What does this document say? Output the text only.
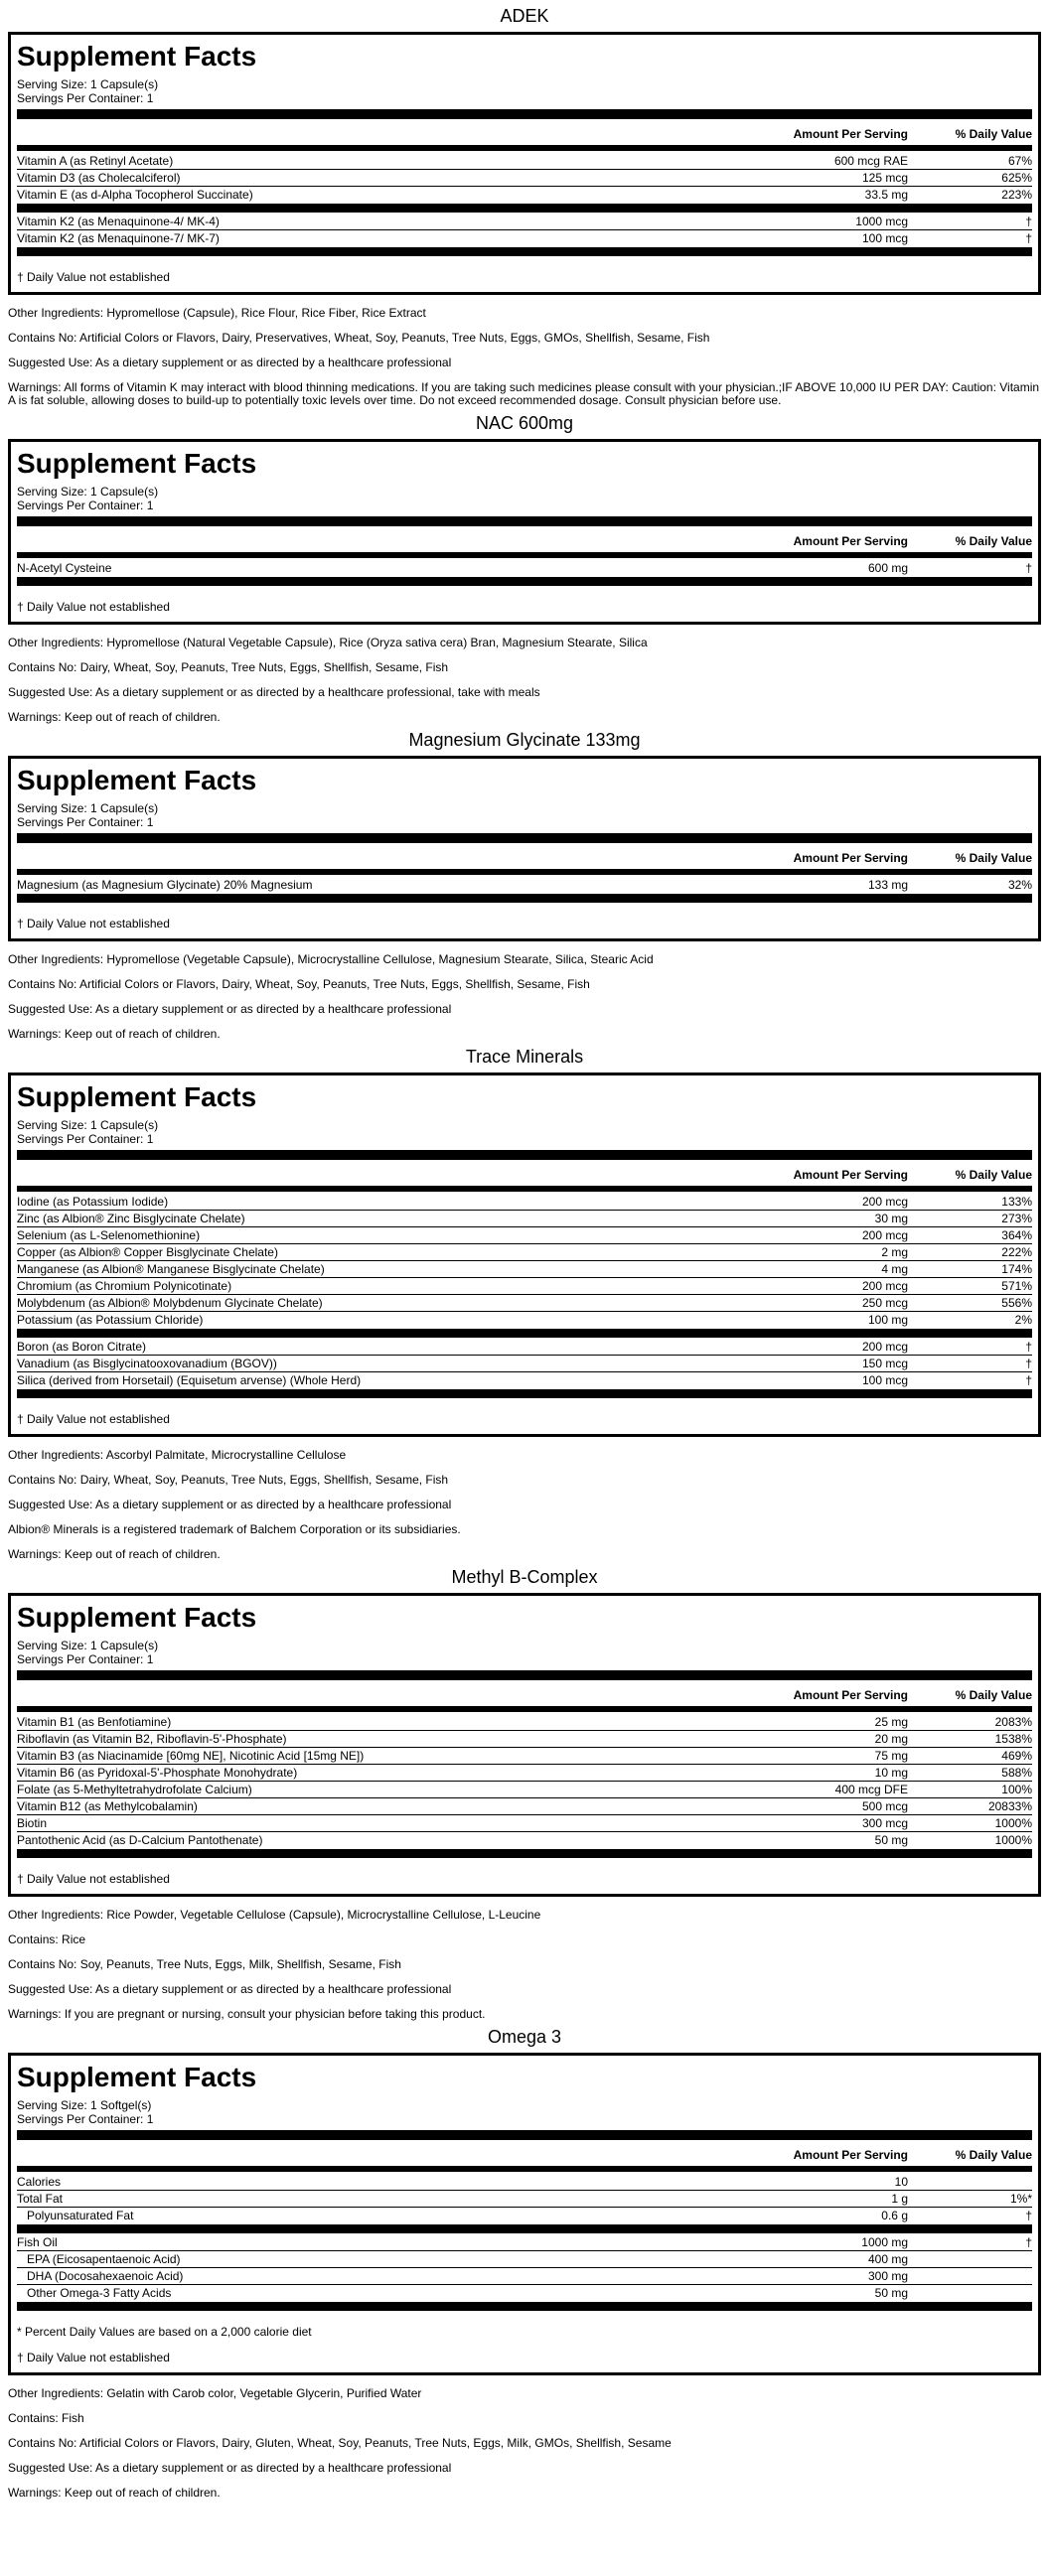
ADEK
Supplement Facts
Serving Size: 1 Capsule(s)
Servings Per Container: 1
Amount Per Serving	% Daily Value
Vitamin A (as Retinyl Acetate)	600 mcg RAE	67%
Vitamin D3 (as Cholecalciferol)	125 mcg	625%
Vitamin E (as d-Alpha Tocopherol Succinate)	33.5 mg	223%
Vitamin K2 (as Menaquinone-4/ MK-4)	1000 mcg	†
Vitamin K2 (as Menaquinone-7/ MK-7)	100 mcg	†
† Daily Value not established
Other Ingredients: Hypromellose (Capsule), Rice Flour, Rice Fiber, Rice Extract
Contains No: Artificial Colors or Flavors, Dairy, Preservatives, Wheat, Soy, Peanuts, Tree Nuts, Eggs, GMOs, Shellfish, Sesame, Fish
Suggested Use: As a dietary supplement or as directed by a healthcare professional
Warnings: All forms of Vitamin K may interact with blood thinning medications. If you are taking such medicines please consult with your physician.;IF ABOVE 10,000 IU PER DAY: Caution: Vitamin A is fat soluble, allowing doses to build-up to potentially toxic levels over time. Do not exceed recommended dosage. Consult physician before use.
NAC 600mg
Supplement Facts
Serving Size: 1 Capsule(s)
Servings Per Container: 1
Amount Per Serving	% Daily Value
N-Acetyl Cysteine	600 mg	†
† Daily Value not established
Other Ingredients: Hypromellose (Natural Vegetable Capsule), Rice (Oryza sativa cera) Bran, Magnesium Stearate, Silica
Contains No: Dairy, Wheat, Soy, Peanuts, Tree Nuts, Eggs, Shellfish, Sesame, Fish
Suggested Use: As a dietary supplement or as directed by a healthcare professional, take with meals
Warnings: Keep out of reach of children.
Magnesium Glycinate 133mg
Supplement Facts
Serving Size: 1 Capsule(s)
Servings Per Container: 1
Amount Per Serving	% Daily Value
Magnesium (as Magnesium Glycinate) 20% Magnesium	133 mg	32%
† Daily Value not established
Other Ingredients: Hypromellose (Vegetable Capsule), Microcrystalline Cellulose, Magnesium Stearate, Silica, Stearic Acid
Contains No: Artificial Colors or Flavors, Dairy, Wheat, Soy, Peanuts, Tree Nuts, Eggs, Shellfish, Sesame, Fish
Suggested Use: As a dietary supplement or as directed by a healthcare professional
Warnings: Keep out of reach of children.
Trace Minerals
Supplement Facts
Serving Size: 1 Capsule(s)
Servings Per Container: 1
Amount Per Serving	% Daily Value
Iodine (as Potassium Iodide)	200 mcg	133%
Zinc (as Albion® Zinc Bisglycinate Chelate)	30 mg	273%
Selenium (as L-Selenomethionine)	200 mcg	364%
Copper (as Albion® Copper Bisglycinate Chelate)	2 mg	222%
Manganese (as Albion® Manganese Bisglycinate Chelate)	4 mg	174%
Chromium (as Chromium Polynicotinate)	200 mcg	571%
Molybdenum (as Albion® Molybdenum Glycinate Chelate)	250 mcg	556%
Potassium (as Potassium Chloride)	100 mg	2%
Boron (as Boron Citrate)	200 mcg	†
Vanadium (as Bisglycinatooxovanadium (BGOV))	150 mcg	†
Silica (derived from Horsetail) (Equisetum arvense) (Whole Herd)	100 mcg	†
† Daily Value not established
Other Ingredients: Ascorbyl Palmitate, Microcrystalline Cellulose
Contains No: Dairy, Wheat, Soy, Peanuts, Tree Nuts, Eggs, Shellfish, Sesame, Fish
Suggested Use: As a dietary supplement or as directed by a healthcare professional
Albion® Minerals is a registered trademark of Balchem Corporation or its subsidiaries.
Warnings: Keep out of reach of children.
Methyl B-Complex
Supplement Facts
Serving Size: 1 Capsule(s)
Servings Per Container: 1
Amount Per Serving	% Daily Value
Vitamin B1 (as Benfotiamine)	25 mg	2083%
Riboflavin (as Vitamin B2, Riboflavin-5'-Phosphate)	20 mg	1538%
Vitamin B3 (as Niacinamide [60mg NE], Nicotinic Acid [15mg NE])	75 mg	469%
Vitamin B6 (as Pyridoxal-5'-Phosphate Monohydrate)	10 mg	588%
Folate (as 5-Methyltetrahydrofolate Calcium)	400 mcg DFE	100%
Vitamin B12 (as Methylcobalamin)	500 mcg	20833%
Biotin	300 mcg	1000%
Pantothenic Acid (as D-Calcium Pantothenate)	50 mg	1000%
† Daily Value not established
Other Ingredients: Rice Powder, Vegetable Cellulose (Capsule), Microcrystalline Cellulose, L-Leucine
Contains: Rice
Contains No: Soy, Peanuts, Tree Nuts, Eggs, Milk, Shellfish, Sesame, Fish
Suggested Use: As a dietary supplement or as directed by a healthcare professional
Warnings: If you are pregnant or nursing, consult your physician before taking this product.
Omega 3
Supplement Facts
Serving Size: 1 Softgel(s)
Servings Per Container: 1
Amount Per Serving	% Daily Value
Calories	10
Total Fat	1 g	1%*
Polyunsaturated Fat	0.6 g	†
Fish Oil	1000 mg	†
EPA (Eicosapentaenoic Acid)	400 mg
DHA (Docosahexaenoic Acid)	300 mg
Other Omega-3 Fatty Acids	50 mg
* Percent Daily Values are based on a 2,000 calorie diet
† Daily Value not established
Other Ingredients: Gelatin with Carob color, Vegetable Glycerin, Purified Water
Contains: Fish
Contains No: Artificial Colors or Flavors, Dairy, Gluten, Wheat, Soy, Peanuts, Tree Nuts, Eggs, Milk, GMOs, Shellfish, Sesame
Suggested Use: As a dietary supplement or as directed by a healthcare professional
Warnings: Keep out of reach of children.
